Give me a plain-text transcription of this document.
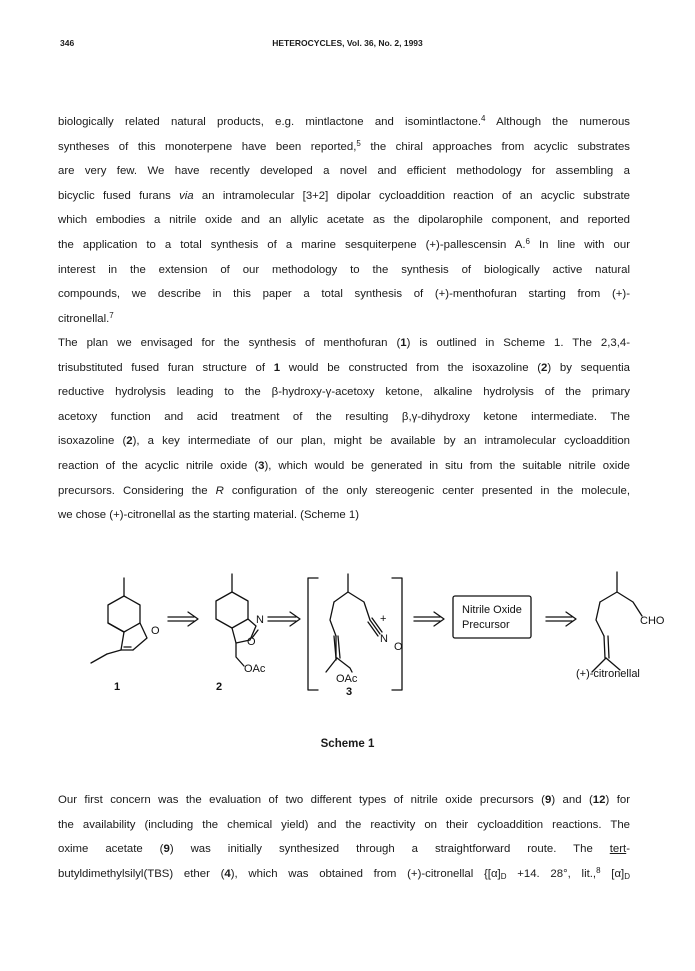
346	HETEROCYCLES, Vol. 36, No. 2, 1993
biologically related natural products, e.g. mintlactone and isomintlactone.$^4$ Although the numerous
syntheses of this monoterpene have been reported,$^5$ the chiral approaches from acyclic substrates
are very few. We have recently developed a novel and efficient methodology for assembling a
bicyclic fused furans via an intramolecular [3+2] dipolar cycloaddition reaction of an acyclic substrate
which embodies a nitrile oxide and an allylic acetate as the dipolarophile component, and reported
the application to a total synthesis of a marine sesquiterpene (+)-pallescensin A.$^6$ In line with our
interest in the extension of our methodology to the synthesis of biologically active natural
compounds, we describe in this paper a total synthesis of (+)-menthofuran starting from (+)-
citronellal.$^7$
The plan we envisaged for the synthesis of menthofuran (1) is outlined in Scheme 1. The 2,3,4-
trisubstituted fused furan structure of 1 would be constructed from the isoxazoline (2) by sequentia
reductive hydrolysis leading to the β-hydroxy-γ-acetoxy ketone, alkaline hydrolysis of the primary
acetoxy function and acid treatment of the resulting β,γ-dihydroxy ketone intermediate. The
isoxazoline (2), a key intermediate of our plan, might be available by an intramolecular cycloaddition
reaction of the acyclic nitrile oxide (3), which would be generated in situ from the suitable nitrile oxide
precursors. Considering the R configuration of the only stereogenic center presented in the molecule,
we chose (+)-citronellal as the starting material. (Scheme 1)
O
N
O
OAc
+
N
O
OAc
CHO
Nitrile Oxide
Precursor
1	2	3
(+)-citronellal
Scheme 1
Our first concern was the evaluation of two different types of nitrile oxide precursors (9) and (12) for
the availability (including the chemical yield) and the reactivity on their cycloaddition reactions. The
oxime acetate (9) was initially synthesized through a straightforward route. The tert-
butyldimethylsilyl(TBS) ether (4), which was obtained from (+)-citronellal {$[\alpha]_D +14$. 28°, lit.,$^8$ $[\alpha]_D$
